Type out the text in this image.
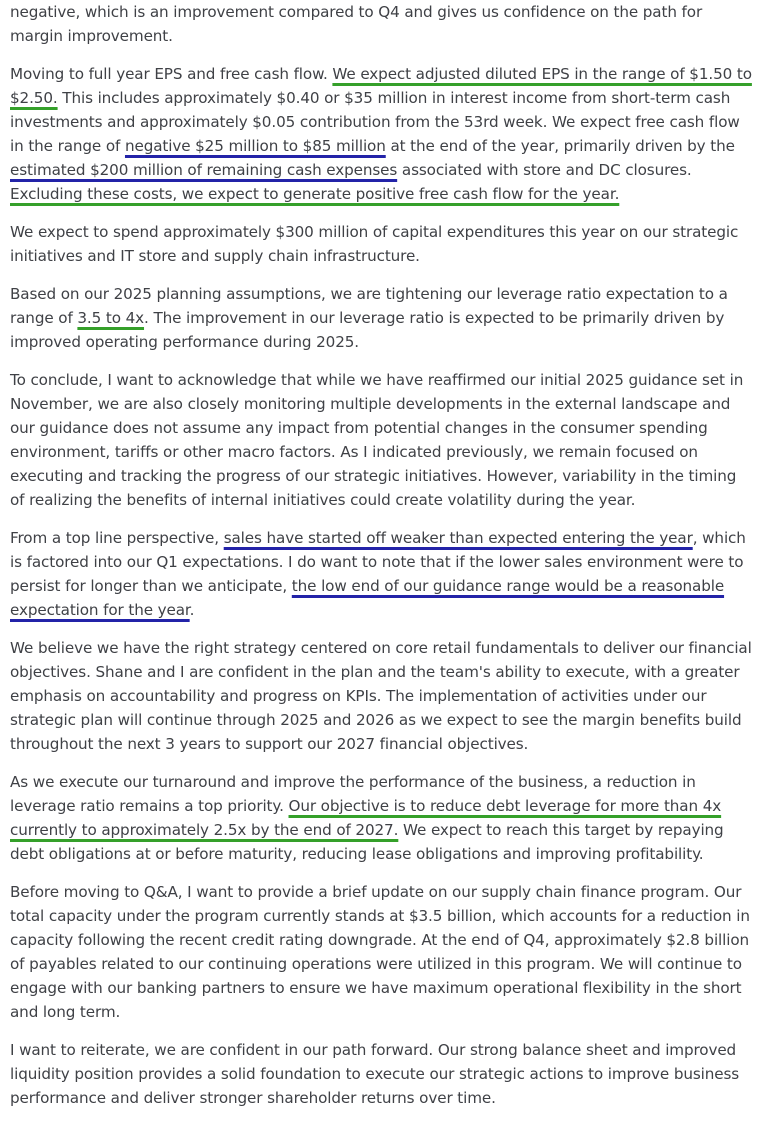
negative, which is an improvement compared to Q4 and gives us confidence on the path for margin improvement.

Moving to full year EPS and free cash flow. We expect adjusted diluted EPS in the range of $1.50 to $2.50. This includes approximately $0.40 or $35 million in interest income from short-term cash investments and approximately $0.05 contribution from the 53rd week. We expect free cash flow in the range of negative $25 million to $85 million at the end of the year, primarily driven by the estimated $200 million of remaining cash expenses associated with store and DC closures. Excluding these costs, we expect to generate positive free cash flow for the year.

We expect to spend approximately $300 million of capital expenditures this year on our strategic initiatives and IT store and supply chain infrastructure.

Based on our 2025 planning assumptions, we are tightening our leverage ratio expectation to a range of 3.5 to 4x. The improvement in our leverage ratio is expected to be primarily driven by improved operating performance during 2025.

To conclude, I want to acknowledge that while we have reaffirmed our initial 2025 guidance set in November, we are also closely monitoring multiple developments in the external landscape and our guidance does not assume any impact from potential changes in the consumer spending environment, tariffs or other macro factors. As I indicated previously, we remain focused on executing and tracking the progress of our strategic initiatives. However, variability in the timing of realizing the benefits of internal initiatives could create volatility during the year.

From a top line perspective, sales have started off weaker than expected entering the year, which is factored into our Q1 expectations. I do want to note that if the lower sales environment were to persist for longer than we anticipate, the low end of our guidance range would be a reasonable expectation for the year.

We believe we have the right strategy centered on core retail fundamentals to deliver our financial objectives. Shane and I are confident in the plan and the team's ability to execute, with a greater emphasis on accountability and progress on KPIs. The implementation of activities under our strategic plan will continue through 2025 and 2026 as we expect to see the margin benefits build throughout the next 3 years to support our 2027 financial objectives.

As we execute our turnaround and improve the performance of the business, a reduction in leverage ratio remains a top priority. Our objective is to reduce debt leverage for more than 4x currently to approximately 2.5x by the end of 2027. We expect to reach this target by repaying debt obligations at or before maturity, reducing lease obligations and improving profitability.

Before moving to Q&A, I want to provide a brief update on our supply chain finance program. Our total capacity under the program currently stands at $3.5 billion, which accounts for a reduction in capacity following the recent credit rating downgrade. At the end of Q4, approximately $2.8 billion of payables related to our continuing operations were utilized in this program. We will continue to engage with our banking partners to ensure we have maximum operational flexibility in the short and long term.

I want to reiterate, we are confident in our path forward. Our strong balance sheet and improved liquidity position provides a solid foundation to execute our strategic actions to improve business performance and deliver stronger shareholder returns over time.
